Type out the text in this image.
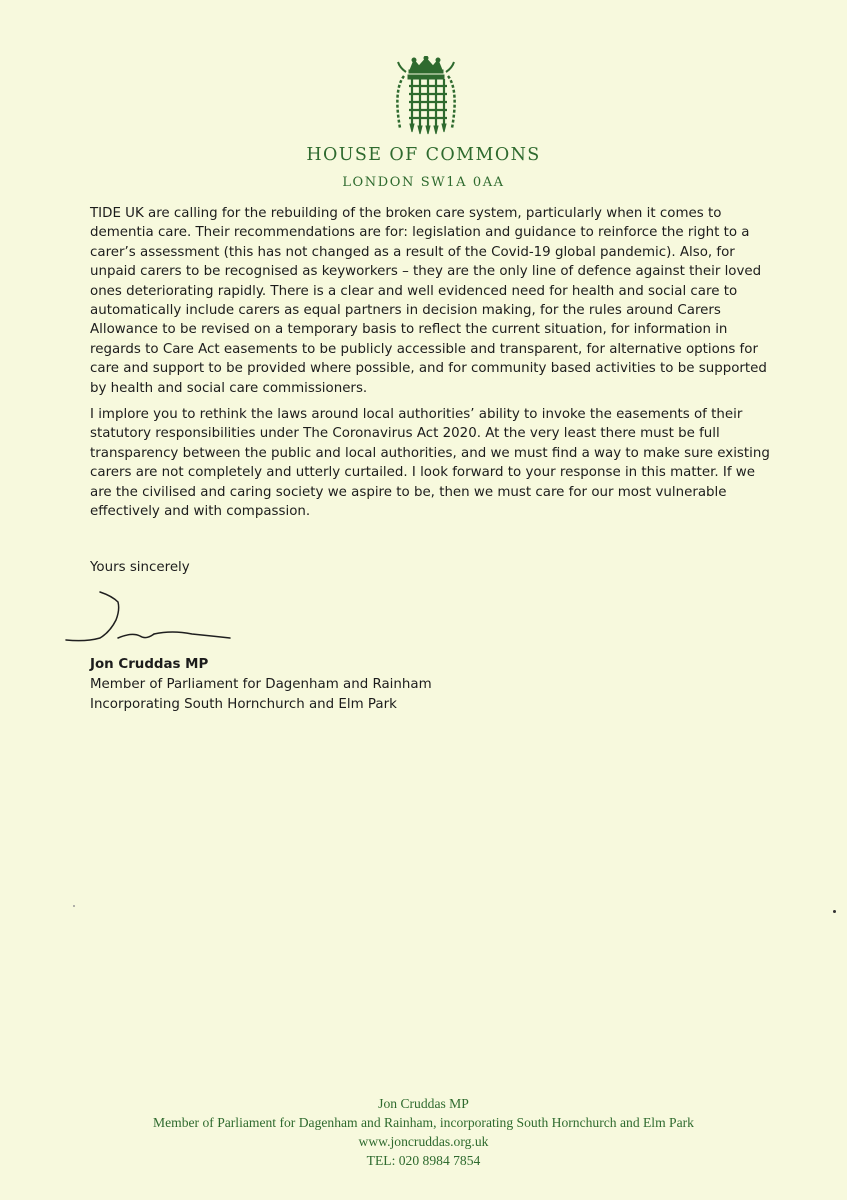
HOUSE OF COMMONS
LONDON SW1A 0AA

TIDE UK are calling for the rebuilding of the broken care system, particularly when it comes to dementia care. Their recommendations are for: legislation and guidance to reinforce the right to a carer’s assessment (this has not changed as a result of the Covid-19 global pandemic). Also, for unpaid carers to be recognised as keyworkers – they are the only line of defence against their loved ones deteriorating rapidly. There is a clear and well evidenced need for health and social care to automatically include carers as equal partners in decision making, for the rules around Carers Allowance to be revised on a temporary basis to reflect the current situation, for information in regards to Care Act easements to be publicly accessible and transparent, for alternative options for care and support to be provided where possible, and for community based activities to be supported by health and social care commissioners.

I implore you to rethink the laws around local authorities’ ability to invoke the easements of their statutory responsibilities under The Coronavirus Act 2020. At the very least there must be full transparency between the public and local authorities, and we must find a way to make sure existing carers are not completely and utterly curtailed. I look forward to your response in this matter. If we are the civilised and caring society we aspire to be, then we must care for our most vulnerable effectively and with compassion.

Yours sincerely

Jon Cruddas MP
Member of Parliament for Dagenham and Rainham
Incorporating South Hornchurch and Elm Park
Jon Cruddas MP
Member of Parliament for Dagenham and Rainham, incorporating South Hornchurch and Elm Park
www.joncruddas.org.uk
TEL: 020 8984 7854
